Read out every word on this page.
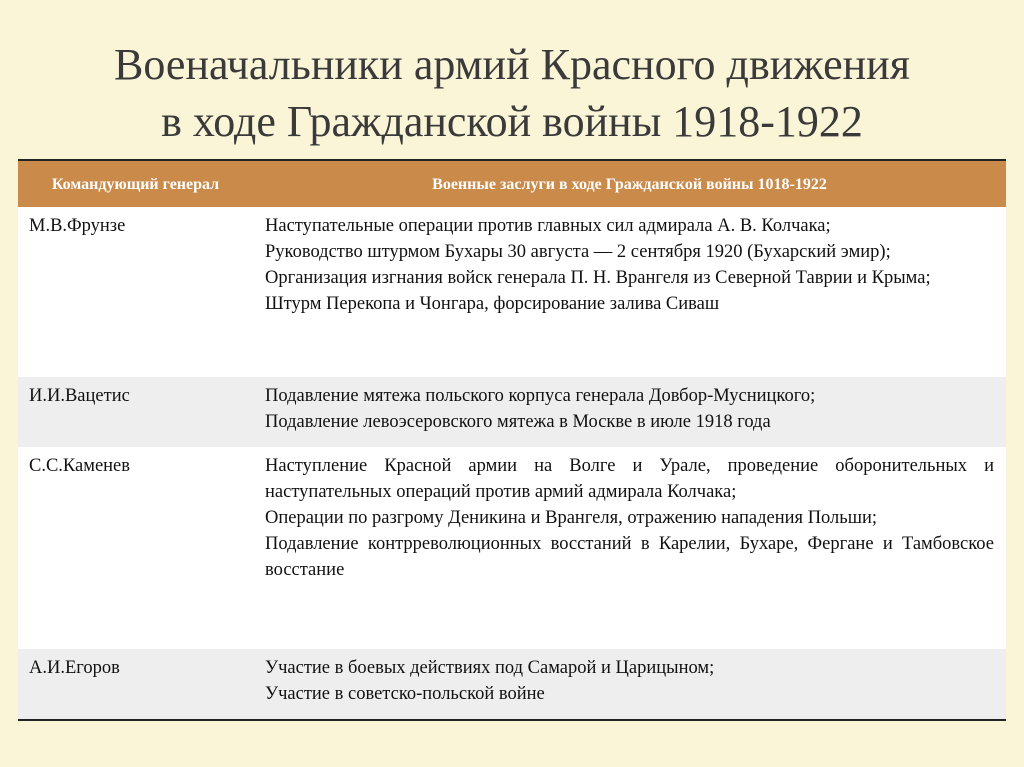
Военачальники армий Красного движения
в ходе Гражданской войны 1918-1922
Командующий генерал	Военные заслуги в ходе Гражданской войны 1018-1922
М.В.Фрунзе	Наступательные операции против главных сил адмирала А. В. Колчака;
Руководство штурмом Бухары 30 августа — 2 сентября 1920 (Бухарский эмир);
Организация изгнания войск генерала П. Н. Врангеля из Северной Таврии и Крыма;
Штурм Перекопа и Чонгара, форсирование залива Сиваш

И.И.Вацетис	Подавление мятежа польского корпуса генерала Довбор-Мусницкого;
Подавление левоэсеровского мятежа в Москве в июле 1918 года

С.С.Каменев	Наступление Красной армии на Волге и Урале, проведение оборонительных и наступательных операций против армий адмирала Колчака;
Операции по разгрому Деникина и Врангеля, отражению нападения Польши;
Подавление контрреволюционных восстаний в Карелии, Бухаре, Фергане и Тамбовское восстание

А.И.Егоров	Участие в боевых действиях под Самарой и Царицыном;
Участие в советско-польской войне
